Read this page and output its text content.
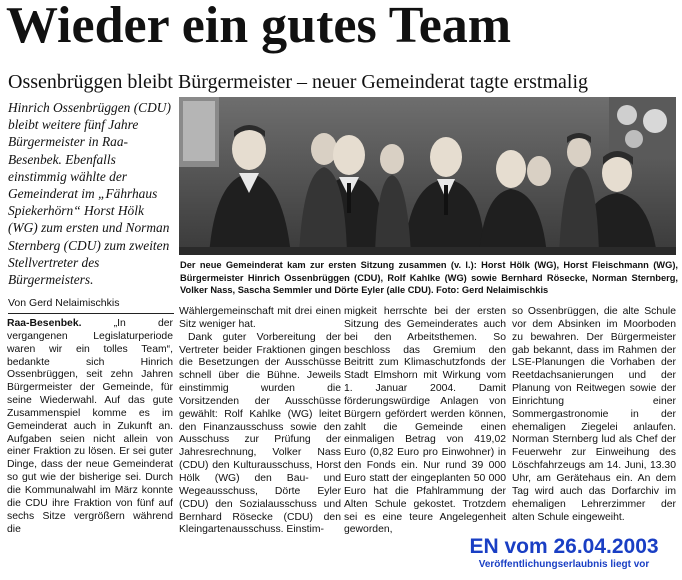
Wieder ein gutes Team
Ossenbrüggen bleibt Bürgermeister – neuer Gemeinderat tagte erstmalig
Hinrich Ossenbrüggen (CDU) bleibt weitere fünf Jahre Bürgermeister in Raa-Besenbek. Ebenfalls einstimmig wählte der Gemeinderat im „Fährhaus Spiekerhörn“ Horst Hölk (WG) zum ersten und Norman Sternberg (CDU) zum zweiten Stellvertreter des Bürgermeisters.
Der neue Gemeinderat kam zur ersten Sitzung zusammen (v. l.): Horst Hölk (WG), Horst Fleischmann (WG), Bürgermeister Hinrich Ossenbrüggen (CDU), Rolf Kahlke (WG) sowie Bernhard Rösecke, Norman Sternberg, Volker Nass, Sascha Semmler und Dörte Eyler (alle CDU). Foto: Gerd Nelaimischkis
Von Gerd Nelaimischkis

Raa-Besenbek.	„In der vergangenen Legislaturperiode waren wir ein tolles Team“, bedankte sich Hinrich Ossenbrüggen, seit zehn Jahren Bürgermeister der Gemeinde, für seine Wiederwahl. Auf das gute Zusammenspiel komme es im Gemeinderat auch in Zukunft an. Aufgaben seien nicht allein von einer Fraktion zu lösen. Er sei guter Dinge, dass der neue Gemeinderat so gut wie der bisherige sei. Durch die Kommunalwahl im März konnte die CDU ihre Fraktion von fünf auf sechs Sitze vergrößern während die

Wählergemeinschaft mit drei einen Sitz weniger hat.

Dank guter Vorbereitung der Vertreter beider Fraktionen gingen die Besetzungen der Ausschüsse schnell über die Bühne. Jeweils einstimmig wurden die Vorsitzenden der Ausschüsse gewählt: Rolf Kahlke (WG) leitet den Finanzausschuss sowie den Ausschuss zur Prüfung der Jahresrechnung, Volker Nass (CDU) den Kulturausschuss, Horst Hölk (WG) den Bau- und Wegeausschuss, Dörte Eyler (CDU) den Sozialausschuss und Bernhard Rösecke (CDU) den Kleingartenausschuss. Einstim-

migkeit herrschte bei der ersten Sitzung des Gemeinderates auch bei den Arbeitsthemen. So beschloss das Gremium den Beitritt zum Klimaschutzfonds der Stadt Elmshorn mit Wirkung vom 1. Januar 2004. Damit förderungswürdige Anlagen von Bürgern gefördert werden können, zahlt die Gemeinde einen einmaligen Betrag von 419,02 Euro (0,82 Euro pro Einwohner) in den Fonds ein. Nur rund 39 000 Euro statt der eingeplanten 50 000 Euro hat die Pfahlrammung der Alten Schule gekostet. Trotzdem sei es eine teure Angelegenheit geworden,

so Ossenbrüggen, die alte Schule vor dem Absinken im Moorboden zu bewahren. Der Bürgermeister gab bekannt, dass im Rahmen der LSE-Planungen die Vorhaben der Reetdachsanierungen und der Planung von Reitwegen sowie der Einrichtung einer Sommergastronomie in der ehemaligen Ziegelei anlaufen. Norman Sternberg lud als Chef der Feuerwehr zur Einweihung des Löschfahrzeugs am 14. Juni, 13.30 Uhr, am Gerätehaus ein. An dem Tag wird auch das Dorfarchiv im ehemaligen Lehrerzimmer der alten Schule eingeweiht.

EN vom 26.04.2003
Veröffentlichungserlaubnis liegt vor
